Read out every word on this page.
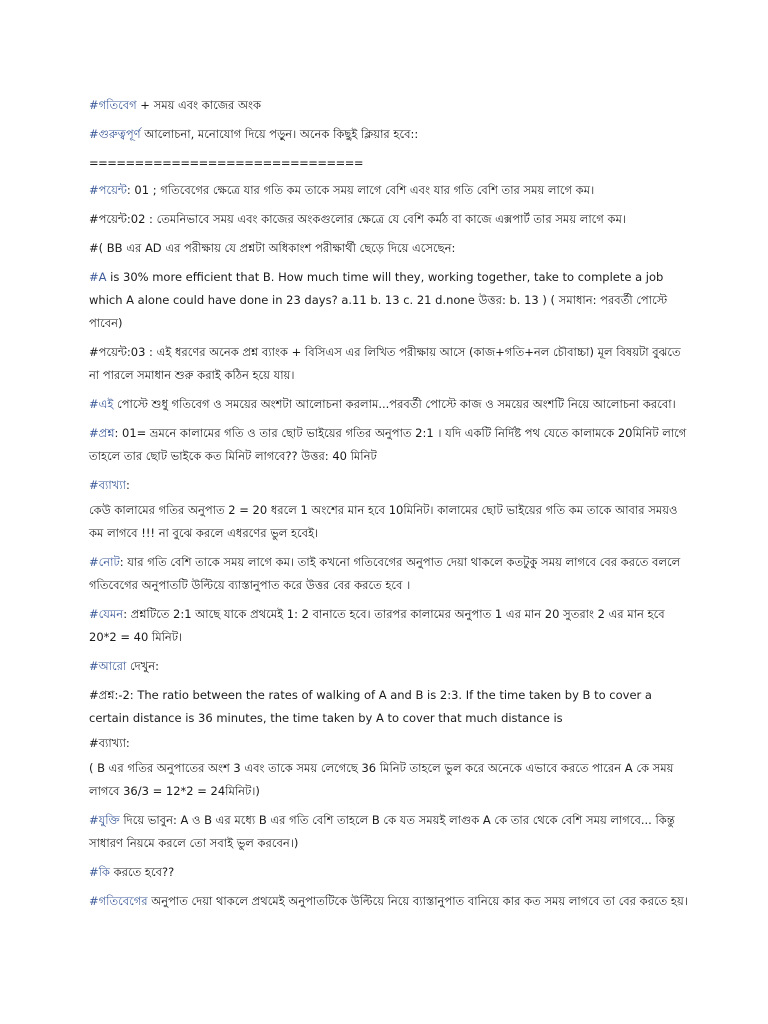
#গতিবেগ + সময় এবং কাজের অংক

#গুরুত্বপূর্ণ আলোচনা, মনোযোগ দিয়ে পড়ুন। অনেক কিছুই ক্লিয়ার হবে::

==============================

#পয়েন্ট: 01 ; গতিবেগের ক্ষেত্রে যার গতি কম তাকে সময় লাগে বেশি এবং যার গতি বেশি তার সময় লাগে কম।

#পয়েন্ট:02 : তেমনিভাবে সময় এবং কাজের অংকগুলোর ক্ষেত্রে যে বেশি কর্মঠ বা কাজে এক্সপার্ট তার সময় লাগে কম।

#( BB এর AD এর পরীক্ষায় যে প্রশ্নটা অধিকাংশ পরীক্ষার্থী ছেড়ে দিয়ে এসেছেন:

#A is 30% more efficient that B. How much time will they, working together, take to complete a job which A alone could have done in 23 days? a.11 b. 13 c. 21 d.none উত্তর: b. 13 ) ( সমাধান: পরবর্তী পোস্টে পাবেন)

#পয়েন্ট:03 : এই ধরণের অনেক প্রশ্ন ব্যাংক + বিসিএস এর লিখিত পরীক্ষায় আসে (কাজ+গতি+নল চৌবাচ্চা) মূল বিষয়টা বুঝতে না পারলে সমাধান শুরু করাই কঠিন হয়ে যায়।

#এই পোস্টে শুধু গতিবেগ ও সময়ের অংশটা আলোচনা করলাম...পরবর্তী পোস্টে কাজ ও সময়ের অংশটি নিয়ে আলোচনা করবো।

#প্রশ্ন: 01= ভ্রমনে কালামের গতি ও তার ছোট ভাইয়ের গতির অনুপাত 2:1 । যদি একটি নির্দিষ্ট পথ যেতে কালামকে 20মিনিট লাগে তাহলে তার ছোট ভাইকে কত মিনিট লাগবে?? উত্তর: 40 মিনিট

#ব্যাখ্যা:

কেউ কালামের গতির অনুপাত 2 = 20 ধরলে 1 অংশের মান হবে 10মিনিট। কালামের ছোট ভাইয়ের গতি কম তাকে আবার সময়ও কম লাগবে !!! না বুঝে করলে এধরণের ভুল হবেই।

#নোট: যার গতি বেশি তাকে সময় লাগে কম। তাই কখনো গতিবেগের অনুপাত দেয়া থাকলে কতটুকু সময় লাগবে বের করতে বললে গতিবেগের অনুপাতটি উল্টিয়ে ব্যাস্তানুপাত করে উত্তর বের করতে হবে ।

#যেমন: প্রশ্নটিতে 2:1 আছে যাকে প্রথমেই 1: 2 বানাতে হবে। তারপর কালামের অনুপাত 1 এর মান 20 সুতরাং 2 এর মান হবে 20*2 = 40 মিনিট।

#আরো দেখুন:

#প্রশ্ন:-2: The ratio between the rates of walking of A and B is 2:3. If the time taken by B to cover a certain distance is 36 minutes, the time taken by A to cover that much distance is

#ব্যাখ্যা:

( B এর গতির অনুপাতের অংশ 3 এবং তাকে সময় লেগেছে 36 মিনিট তাহলে ভুল করে অনেকে এভাবে করতে পারেন A কে সময় লাগবে 36/3 = 12*2 = 24মিনিট।)

#যুক্তি দিয়ে ভাবুন: A ও B এর মধ্যে B এর গতি বেশি তাহলে B কে যত সময়ই লাগুক A কে তার থেকে বেশি সময় লাগবে... কিন্তু সাধারণ নিয়মে করলে তো সবাই ভুল করবেন।)

#কি করতে হবে??

#গতিবেগের অনুপাত দেয়া থাকলে প্রথমেই অনুপাতটিকে উল্টিয়ে নিয়ে ব্যাস্তানুপাত বানিয়ে কার কত সময় লাগবে তা বের করতে হয়।
